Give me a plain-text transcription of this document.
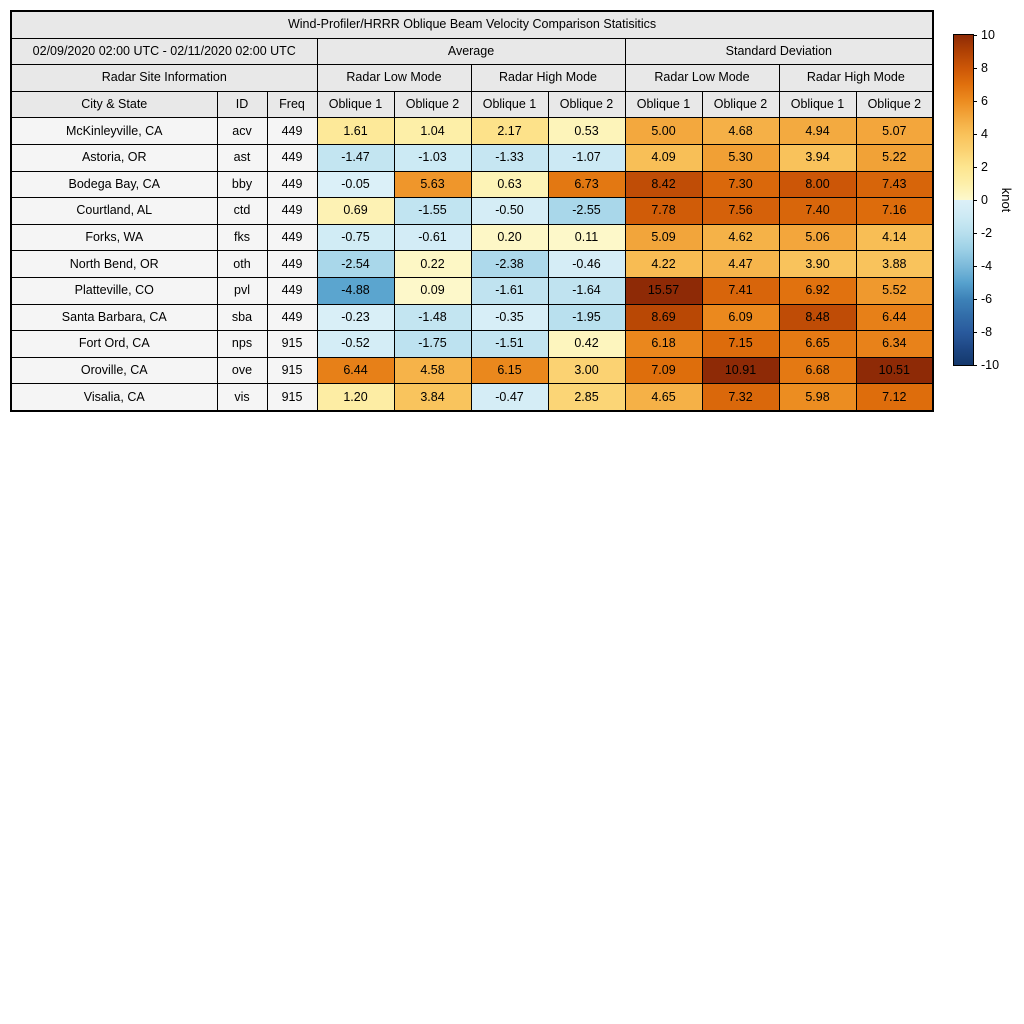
Wind-Profiler/HRRR Oblique Beam Velocity Comparison Statisitics										
02/09/2020 02:00 UTC - 02/11/2020 02:00 UTC			Average				Standard Deviation			
Radar Site Information			Radar Low Mode		Radar High Mode		Radar Low Mode		Radar High Mode	
City & State	ID	Freq	Oblique 1	Oblique 2	Oblique 1	Oblique 2	Oblique 1	Oblique 2	Oblique 1	Oblique 2
McKinleyville, CA	acv	449	1.61	1.04	2.17	0.53	5.00	4.68	4.94	5.07
Astoria, OR	ast	449	-1.47	-1.03	-1.33	-1.07	4.09	5.30	3.94	5.22
Bodega Bay, CA	bby	449	-0.05	5.63	0.63	6.73	8.42	7.30	8.00	7.43
Courtland, AL	ctd	449	0.69	-1.55	-0.50	-2.55	7.78	7.56	7.40	7.16
Forks, WA	fks	449	-0.75	-0.61	0.20	0.11	5.09	4.62	5.06	4.14
North Bend, OR	oth	449	-2.54	0.22	-2.38	-0.46	4.22	4.47	3.90	3.88
Platteville, CO	pvl	449	-4.88	0.09	-1.61	-1.64	15.57	7.41	6.92	5.52
Santa Barbara, CA	sba	449	-0.23	-1.48	-0.35	-1.95	8.69	6.09	8.48	6.44
Fort Ord, CA	nps	915	-0.52	-1.75	-1.51	0.42	6.18	7.15	6.65	6.34
Oroville, CA	ove	915	6.44	4.58	6.15	3.00	7.09	10.91	6.68	10.51
Visalia, CA	vis	915	1.20	3.84	-0.47	2.85	4.65	7.32	5.98	7.12
10
8
6
4
2
0
-2
-4
-6
-8
-10
knot
